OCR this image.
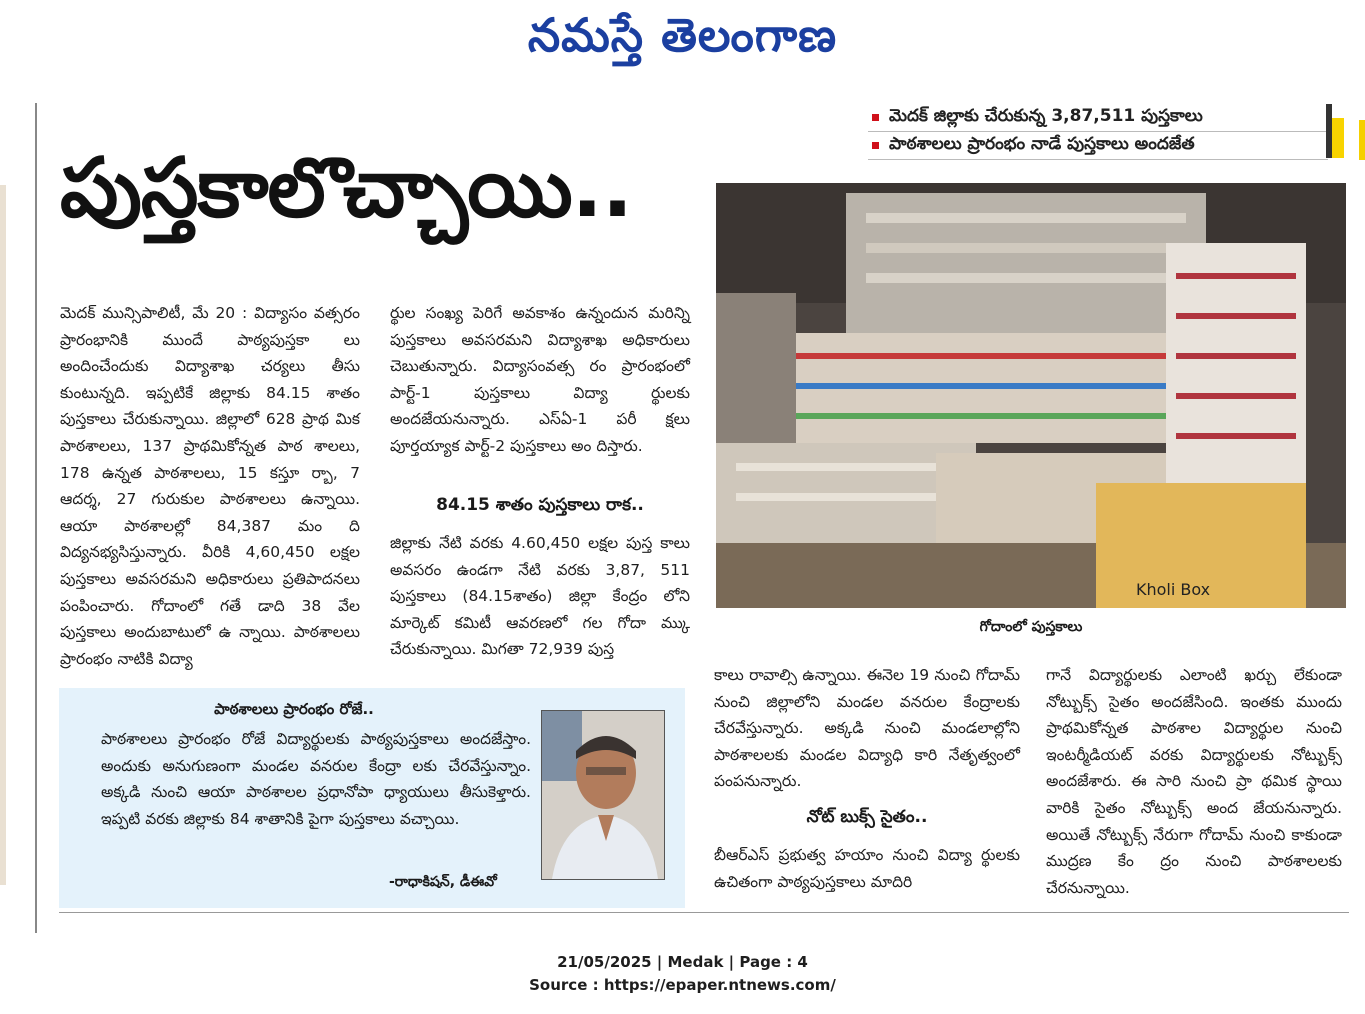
నమస్తే తెలంగాణ
మెదక్ జిల్లాకు చేరుకున్న 3,87,511 పుస్తకాలు
పాఠశాలలు ప్రారంభం నాడే పుస్తకాలు అందజేత
పుస్తకాలొచ్చాయి..
Kholi Box
గోదాంలో పుస్తకాలు

మెదక్ మున్సిపాలిటీ, మే 20 : విద్యాసం వత్సరం ప్రారంభానికి ముందే పాఠ్యపుస్తకా లు అందించేందుకు విద్యాశాఖ చర్యలు తీసు కుంటున్నది. ఇప్పటికే జిల్లాకు 84.15 శాతం పుస్తకాలు చేరుకున్నాయి. జిల్లాలో 628 ప్రాథ మిక పాఠశాలలు, 137 ప్రాథమికోన్నత పాఠ శాలలు, 178 ఉన్నత పాఠశాలలు, 15 కస్తూ ర్బా, 7 ఆదర్శ, 27 గురుకుల పాఠశాలలు ఉన్నాయి. ఆయా పాఠశాలల్లో 84,387 మం ది విద్యనభ్యసిస్తున్నారు. వీరికి 4,60,450 లక్షల పుస్తకాలు అవసరమని అధికారులు ప్రతిపాదనలు పంపించారు. గోదాంలో గతే డాది 38 వేల పుస్తకాలు అందుబాటులో ఉ న్నాయి. పాఠశాలలు ప్రారంభం నాటికి విద్యా

ర్థుల సంఖ్య పెరిగే అవకాశం ఉన్నందున మరిన్ని పుస్తకాలు అవసరమని విద్యాశాఖ అధికారులు చెబుతున్నారు. విద్యాసంవత్స రం ప్రారంభంలో పార్ట్-1 పుస్తకాలు విద్యా ర్థులకు అందజేయనున్నారు. ఎస్ఏ-1 పరీ క్షలు పూర్తయ్యాక పార్ట్-2 పుస్తకాలు అం దిస్తారు.

84.15 శాతం పుస్తకాలు రాక..

జిల్లాకు నేటి వరకు 4.60,450 లక్షల పుస్త కాలు అవసరం ఉండగా నేటి వరకు 3,87, 511 పుస్తకాలు (84.15శాతం) జిల్లా కేంద్రం లోని మార్కెట్ కమిటీ ఆవరణలో గల గోదా మ్కు చేరుకున్నాయి. మిగతా 72,939 పుస్త

కాలు రావాల్సి ఉన్నాయి. ఈనెల 19 నుంచి గోదామ్ నుంచి జిల్లాలోని మండల వనరుల కేంద్రాలకు చేరవేస్తున్నారు. అక్కడి నుంచి మండలాల్లోని పాఠశాలలకు మండల విద్యాధి కారి నేతృత్వంలో పంపనున్నారు.

నోట్ బుక్స్ సైతం..

బీఆర్ఎస్ ప్రభుత్వ హయాం నుంచి విద్యా ర్థులకు ఉచితంగా పాఠ్యపుస్తకాలు మాదిరి

గానే విద్యార్థులకు ఎలాంటి ఖర్చు లేకుండా నోట్బుక్స్ సైతం అందజేసింది. ఇంతకు ముందు ప్రాథమికోన్నత పాఠశాల విద్యార్థుల నుంచి ఇంటర్మీడియట్ వరకు విద్యార్థులకు నోట్బుక్స్ అందజేశారు. ఈ సారి నుంచి ప్రా థమిక స్థాయి వారికి సైతం నోట్బుక్స్ అంద జేయనున్నారు. అయితే నోట్బుక్స్ నేరుగా గోదామ్ నుంచి కాకుండా ముద్రణ కేం ద్రం నుంచి పాఠశాలలకు చేరనున్నాయి.

పాఠశాలలు ప్రారంభం రోజే..
పాఠశాలలు ప్రారంభం రోజే విద్యార్థులకు పాఠ్యపుస్తకాలు అందజేస్తాం. అందుకు అనుగుణంగా మండల వనరుల కేంద్రా లకు చేరవేస్తున్నాం. అక్కడి నుంచి ఆయా పాఠశాలల ప్రధానోపా ధ్యాయులు తీసుకెళ్తారు. ఇప్పటి వరకు జిల్లాకు 84 శాతానికి పైగా పుస్తకాలు వచ్చాయి.
-రాధాకిషన్, డీఈవో
21/05/2025 | Medak | Page : 4
Source : https://epaper.ntnews.com/
